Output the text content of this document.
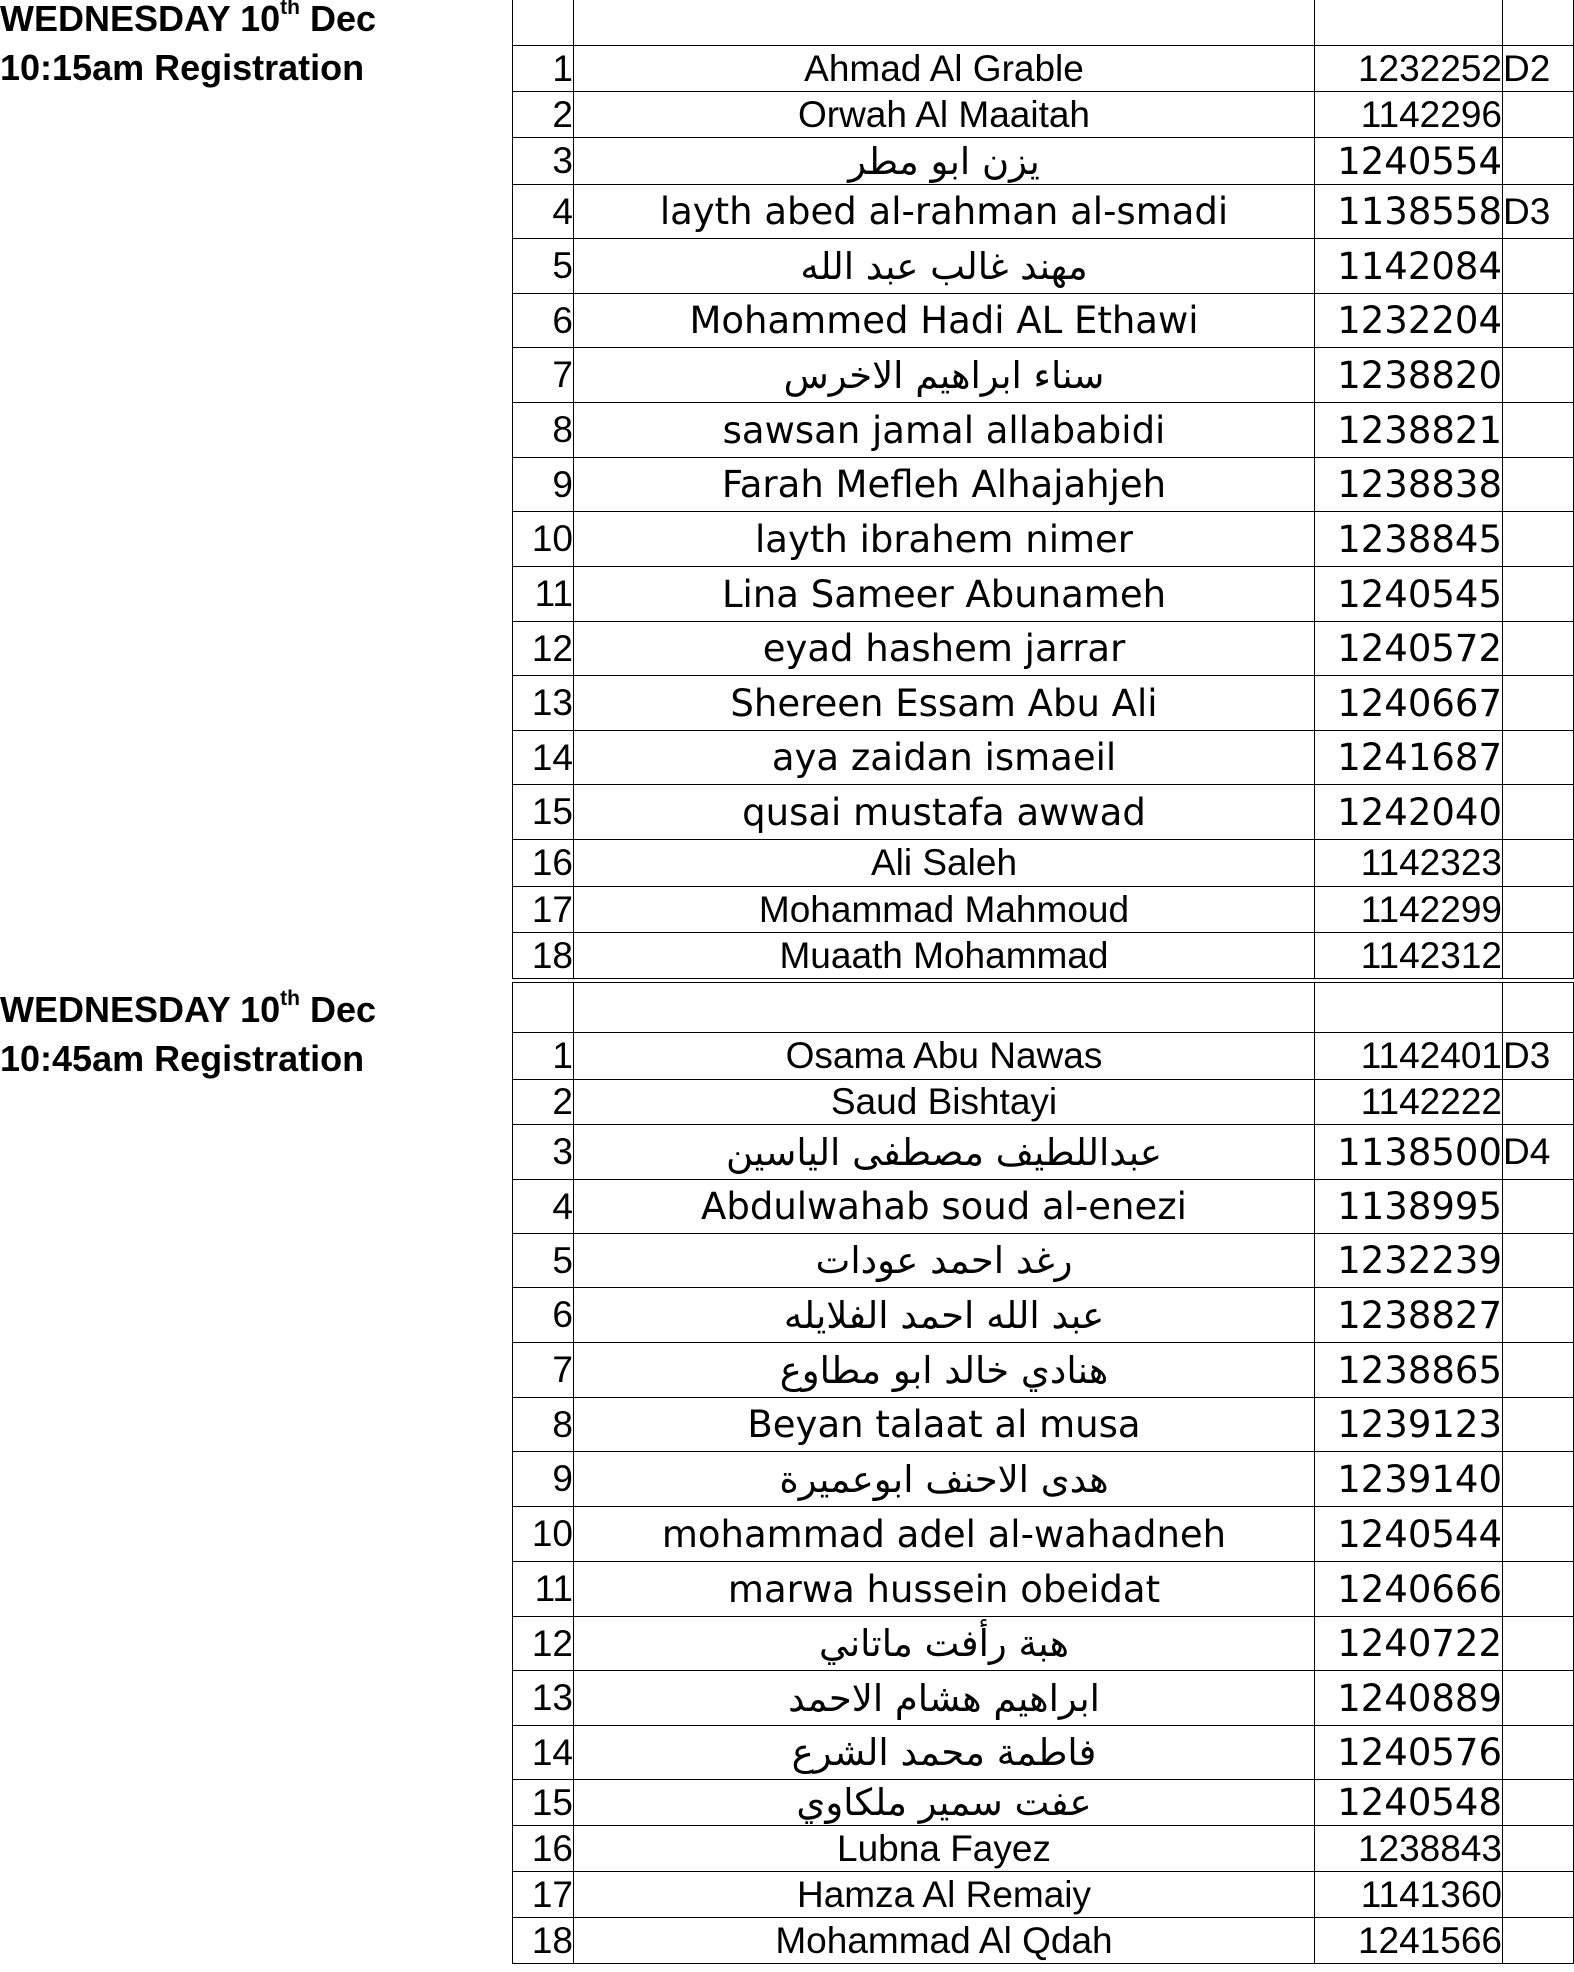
WEDNESDAY 10th Dec
10:15am Registration
WEDNESDAY 10th Dec
10:45am Registration

1	Ahmad Al Grable	1232252	D2
2	Orwah Al Maaitah	1142296	
3	يزن ابو مطر	1240554	
4	layth abed al-rahman al-smadi	1138558	D3
5	مهند غالب عبد الله	1142084	
6	Mohammed Hadi AL Ethawi	1232204	
7	سناء ابراهيم الاخرس	1238820	
8	sawsan jamal allababidi	1238821	
9	Farah Mefleh Alhajahjeh	1238838	
10	layth ibrahem nimer	1238845	
11	Lina Sameer Abunameh	1240545	
12	eyad hashem jarrar	1240572	
13	Shereen Essam Abu Ali	1240667	
14	aya zaidan ismaeil	1241687	
15	qusai mustafa awwad	1242040	
16	Ali Saleh	1142323	
17	Mohammad Mahmoud	1142299	
18	Muaath Mohammad	1142312	

1	Osama Abu Nawas	1142401	D3
2	Saud Bishtayi	1142222	
3	عبداللطيف مصطفى الياسين	1138500	D4
4	Abdulwahab soud al-enezi	1138995	
5	رغد احمد عودات	1232239	
6	عبد الله احمد الفلايله	1238827	
7	هنادي خالد ابو مطاوع	1238865	
8	Beyan talaat al musa	1239123	
9	هدى الاحنف ابوعميرة	1239140	
10	mohammad adel al-wahadneh	1240544	
11	marwa hussein obeidat	1240666	
12	هبة رأفت ماتاني	1240722	
13	ابراهيم هشام الاحمد	1240889	
14	فاطمة محمد الشرع	1240576	
15	عفت سمير ملكاوي	1240548	
16	Lubna Fayez	1238843	
17	Hamza Al Remaiy	1141360	
18	Mohammad Al Qdah	1241566	
